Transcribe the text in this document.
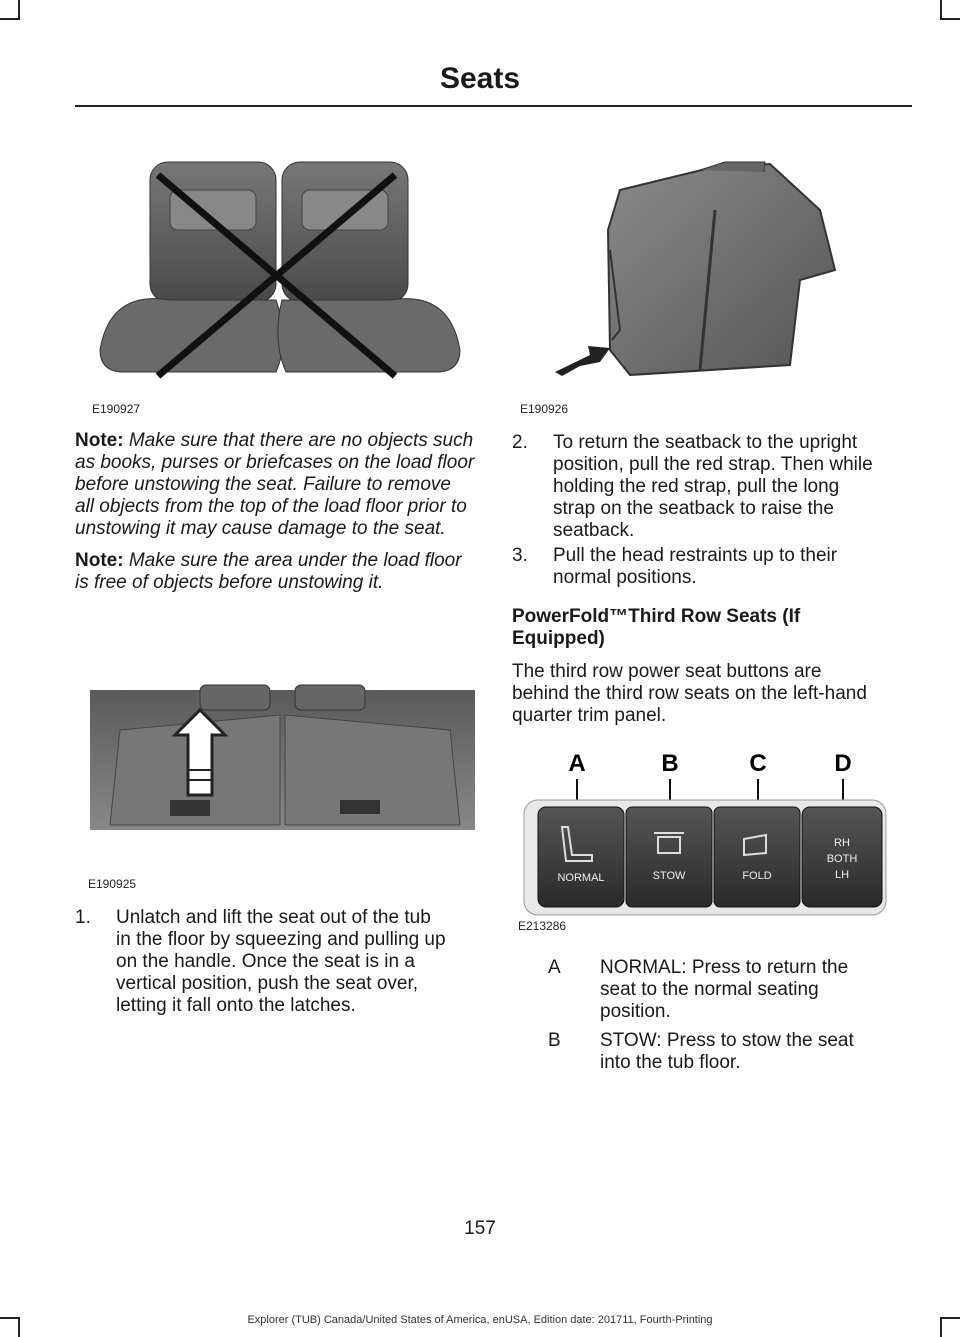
Seats
E190927	E190926

Note: Make sure that there are no objects such as books, purses or briefcases on the load floor before unstowing the seat. Failure to remove all objects from the top of the load floor prior to unstowing it may cause damage to the seat.

Note: Make sure the area under the load floor is free of objects before unstowing it.

E190925
1. Unlatch and lift the seat out of the tub
in the floor by squeezing and pulling up
on the handle. Once the seat is in a
vertical position, push the seat over,
letting it fall onto the latches.
2. To return the seatback to the upright
position, pull the red strap. Then while
holding the red strap, pull the long
strap on the seatback to raise the
seatback.
3. Pull the head restraints up to their
normal positions.
PowerFold™Third Row Seats (If
Equipped)
The third row power seat buttons are
behind the third row seats on the left-hand
quarter trim panel.
A	B	C	D
NORMAL	STOW	FOLD
RH
BOTH
LH
E213286
A	NORMAL: Press to return the
seat to the normal seating
position.
B	STOW: Press to stow the seat
into the tub floor.
157
Explorer (TUB) Canada/United States of America, enUSA, Edition date: 201711, Fourth-Printing
